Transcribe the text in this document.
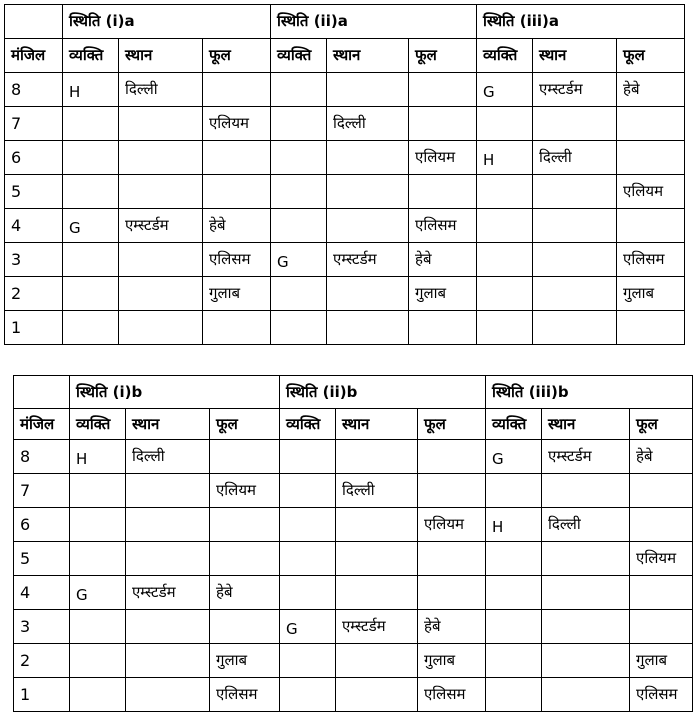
	स्थिति (i)a			स्थिति (ii)a			स्थिति (iii)a		
मंजिल	व्यक्ति	स्थान	फूल	व्यक्ति	स्थान	फूल	व्यक्ति	स्थान	फूल
8	H	दिल्ली					G	एम्स्टर्डम	हेबे
7			एलियम		दिल्ली				
6						एलियम	H	दिल्ली	
5									एलियम
4	G	एम्स्टर्डम	हेबे			एलिसम			
3			एलिसम	G	एम्स्टर्डम	हेबे			एलिसम
2			गुलाब			गुलाब			गुलाब
1									
	स्थिति (i)b			स्थिति (ii)b			स्थिति (iii)b		
मंजिल	व्यक्ति	स्थान	फूल	व्यक्ति	स्थान	फूल	व्यक्ति	स्थान	फूल
8	H	दिल्ली					G	एम्स्टर्डम	हेबे
7			एलियम		दिल्ली				
6						एलियम	H	दिल्ली	
5									एलियम
4	G	एम्स्टर्डम	हेबे						
3				G	एम्स्टर्डम	हेबे			
2			गुलाब			गुलाब			गुलाब
1			एलिसम			एलिसम			एलिसम
